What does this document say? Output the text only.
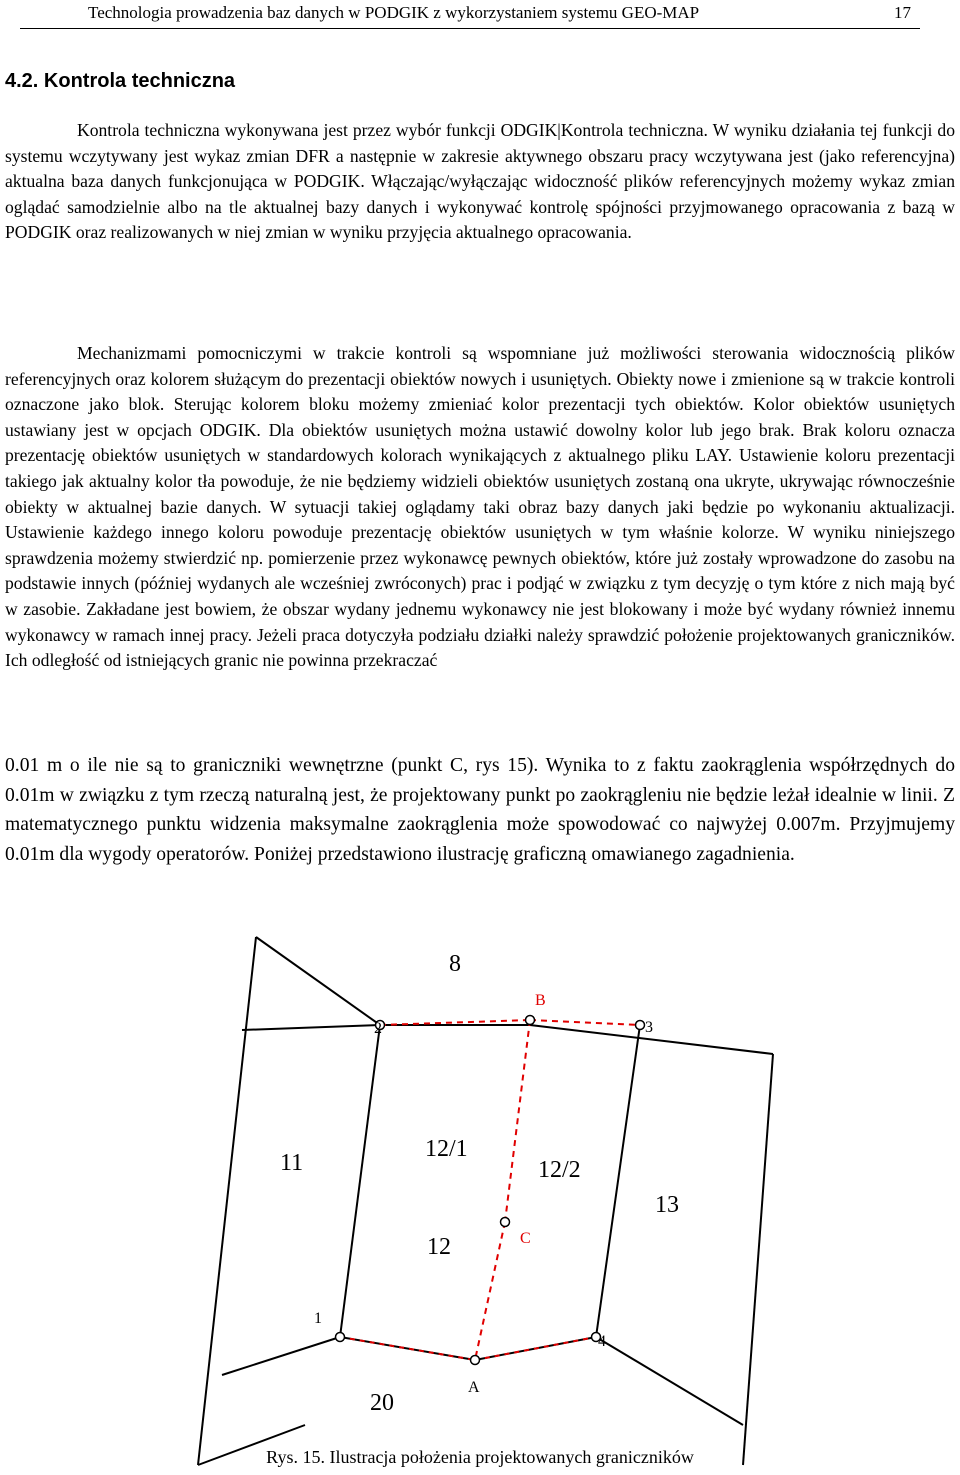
Technologia prowadzenia baz danych w PODGIK z wykorzystaniem systemu GEO-MAP	17
4.2. Kontrola techniczna

Kontrola techniczna wykonywana jest przez wybór funkcji ODGIK|Kontrola techniczna. W wyniku działania tej funkcji do systemu wczytywany jest wykaz zmian DFR a następnie w zakresie aktywnego obszaru pracy wczytywana jest (jako referencyjna) aktualna baza danych funkcjonująca w PODGIK. Włączając/wyłączając widoczność plików referencyjnych możemy wykaz zmian oglądać samodzielnie albo na tle aktualnej bazy danych i wykonywać kontrolę spójności przyjmowanego opracowania z bazą w PODGIK oraz realizowanych w niej zmian w wyniku przyjęcia aktualnego opracowania.

Mechanizmami pomocniczymi w trakcie kontroli są wspomniane już możliwości sterowania widocznością plików referencyjnych oraz kolorem służącym do prezentacji obiektów nowych i usuniętych. Obiekty nowe i zmienione są w trakcie kontroli oznaczone jako blok. Sterując kolorem bloku możemy zmieniać kolor prezentacji tych obiektów. Kolor obiektów usuniętych ustawiany jest w opcjach ODGIK. Dla obiektów usuniętych można ustawić dowolny kolor lub jego brak. Brak koloru oznacza prezentację obiektów usuniętych w standardowych kolorach wynikających z aktualnego pliku LAY. Ustawienie koloru prezentacji takiego jak aktualny kolor tła powoduje, że nie będziemy widzieli obiektów usuniętych zostaną ona ukryte, ukrywając równocześnie obiekty w aktualnej bazie danych. W sytuacji takiej oglądamy taki obraz bazy danych jaki będzie po wykonaniu aktualizacji. Ustawienie każdego innego koloru powoduje prezentację obiektów usuniętych w tym właśnie kolorze. W wyniku niniejszego sprawdzenia możemy stwierdzić np. pomierzenie przez wykonawcę pewnych obiektów, które już zostały wprowadzone do zasobu na podstawie innych (później wydanych ale wcześniej zwróconych) prac i podjąć w związku z tym decyzję o tym które z nich mają być w zasobie. Zakładane jest bowiem, że obszar wydany jednemu wykonawcy nie jest blokowany i może być wydany również innemu wykonawcy w ramach innej pracy. Jeżeli praca dotyczyła podziału działki należy sprawdzić położenie projektowanych graniczników. Ich odległość od istniejących granic nie powinna przekraczać

0.01 m o ile nie są to graniczniki wewnętrzne (punkt C, rys 15). Wynika to z faktu zaokrąglenia współrzędnych do 0.01m w związku z tym rzeczą naturalną jest, że projektowany punkt po zaokrągleniu nie będzie leżał idealnie w linii. Z matematycznego punktu widzenia maksymalne zaokrąglenia może spowodować co najwyżej 0.007m. Przyjmujemy 0.01m dla wygody operatorów. Poniżej przedstawiono ilustrację graficzną omawianego zagadnienia.

8
11
12/1
12/2
12
13
20
1
2	3
4
A
B
C
Rys. 15. Ilustracja położenia projektowanych graniczników
